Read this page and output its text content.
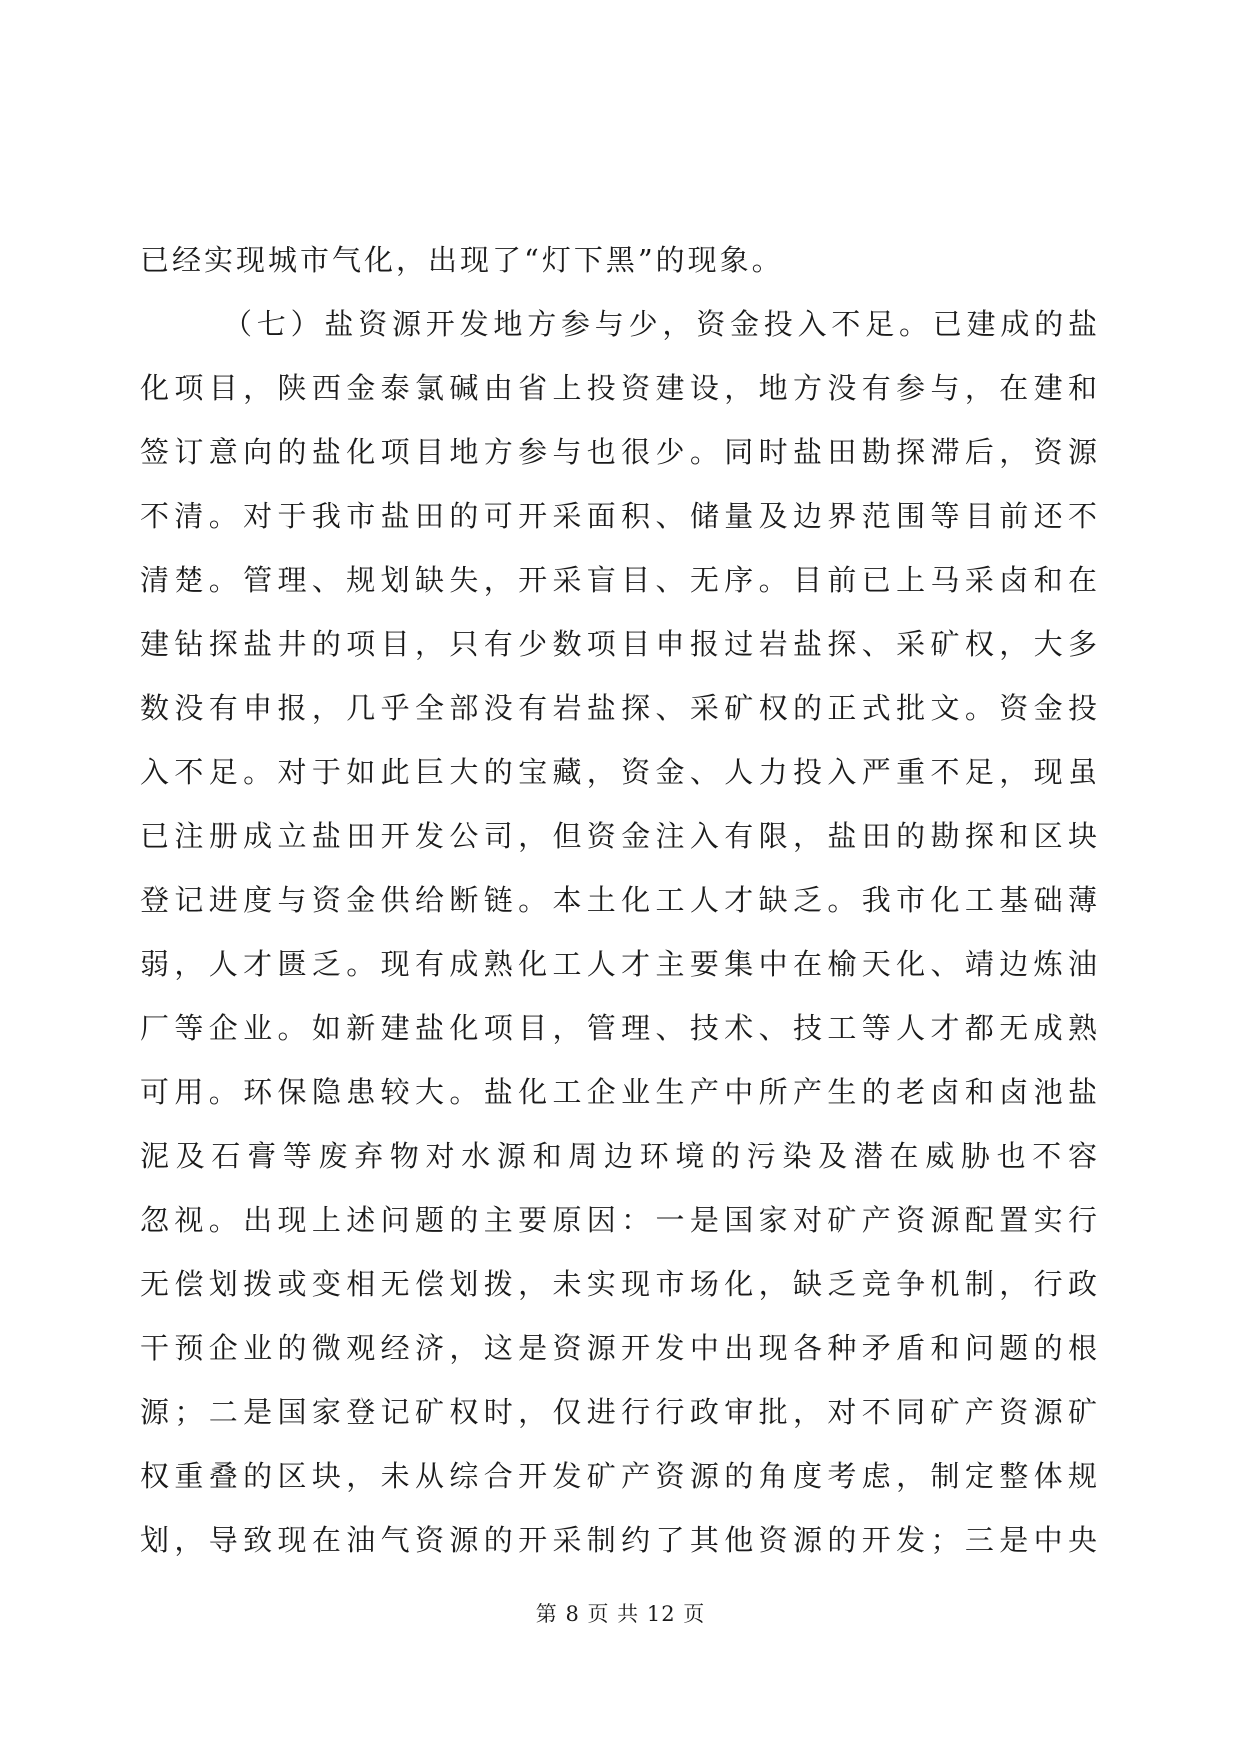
已经实现城市气化，出现了“灯下黑”的现象。
（七）盐资源开发地方参与少，资金投入不足。已建成的盐
化项目，陕西金泰氯碱由省上投资建设，地方没有参与，在建和
签订意向的盐化项目地方参与也很少。同时盐田勘探滞后，资源
不清。对于我市盐田的可开采面积、储量及边界范围等目前还不
清楚。管理、规划缺失，开采盲目、无序。目前已上马采卤和在
建钻探盐井的项目，只有少数项目申报过岩盐探、采矿权，大多
数没有申报，几乎全部没有岩盐探、采矿权的正式批文。资金投
入不足。对于如此巨大的宝藏，资金、人力投入严重不足，现虽
已注册成立盐田开发公司，但资金注入有限，盐田的勘探和区块
登记进度与资金供给断链。本土化工人才缺乏。我市化工基础薄
弱，人才匮乏。现有成熟化工人才主要集中在榆天化、靖边炼油
厂等企业。如新建盐化项目，管理、技术、技工等人才都无成熟
可用。环保隐患较大。盐化工企业生产中所产生的老卤和卤池盐
泥及石膏等废弃物对水源和周边环境的污染及潜在威胁也不容
忽视。出现上述问题的主要原因：一是国家对矿产资源配置实行
无偿划拨或变相无偿划拨，未实现市场化，缺乏竞争机制，行政
干预企业的微观经济，这是资源开发中出现各种矛盾和问题的根
源；二是国家登记矿权时，仅进行行政审批，对不同矿产资源矿
权重叠的区块，未从综合开发矿产资源的角度考虑，制定整体规
划，导致现在油气资源的开采制约了其他资源的开发；三是中央
第 8 页 共 12 页
